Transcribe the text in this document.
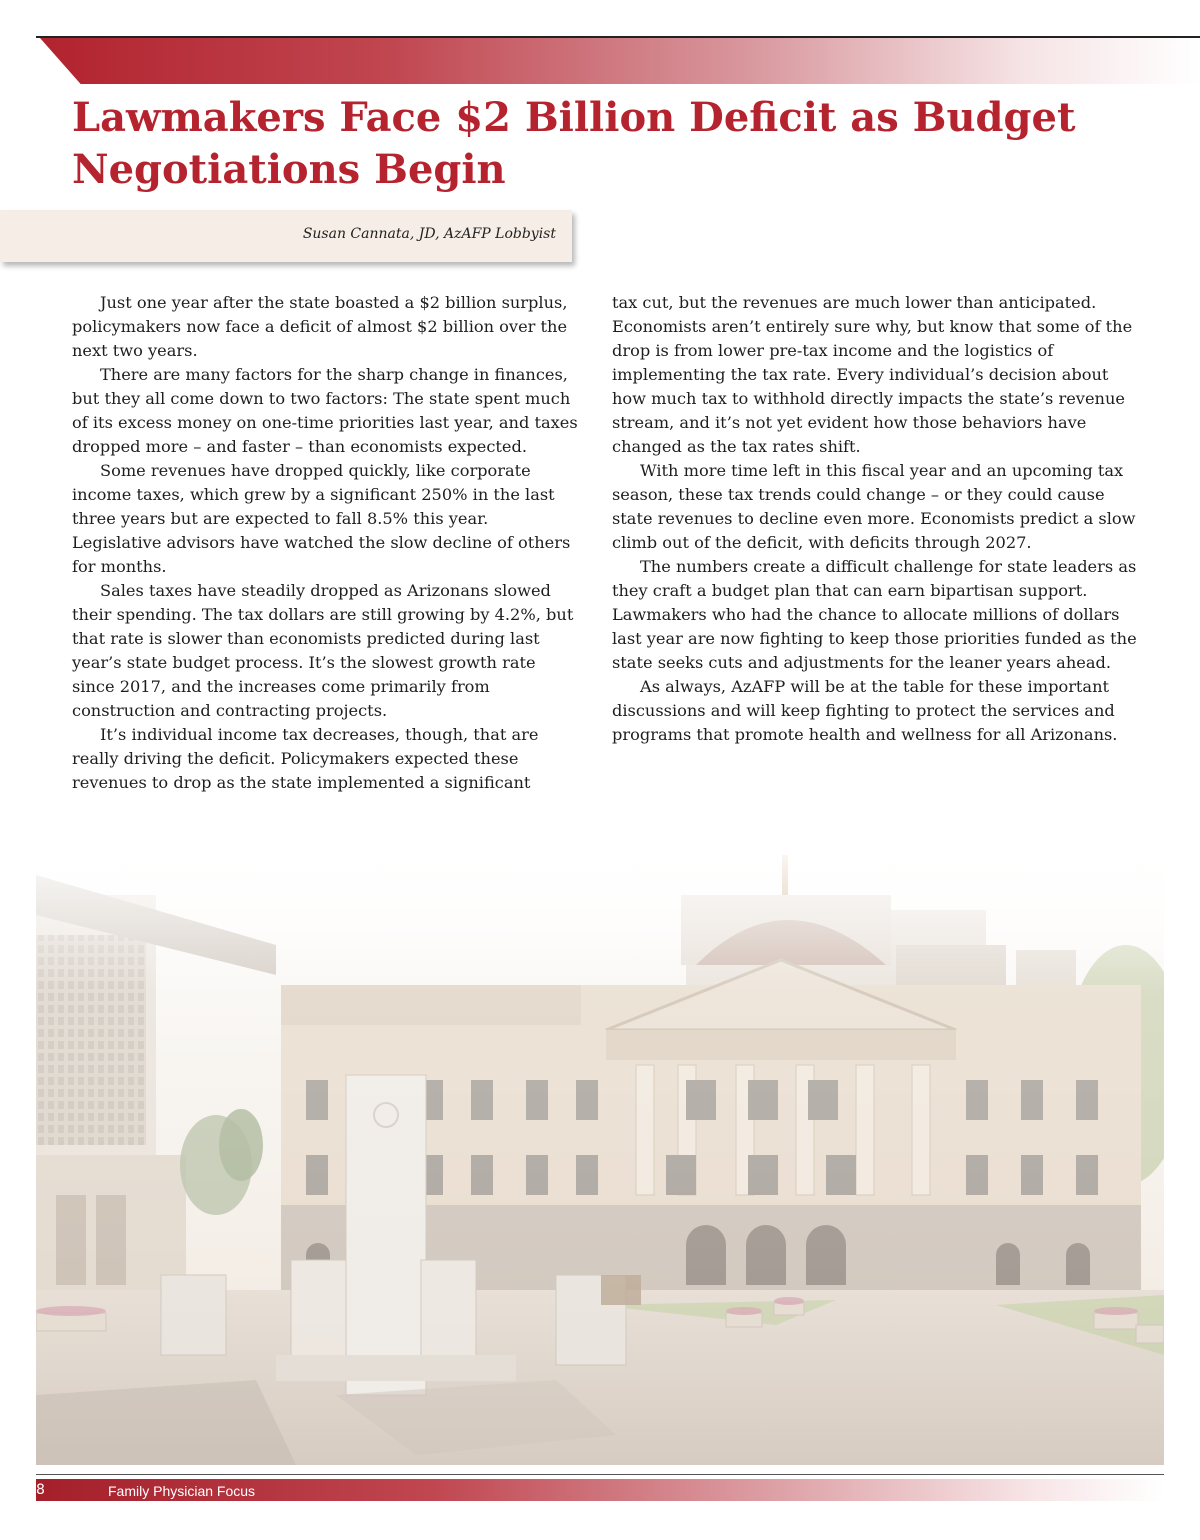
Lawmakers Face $2 Billion Deficit as Budget Negotiations Begin
Susan Cannata, JD, AzAFP Lobbyist

Just one year after the state boasted a $2 billion surplus, policymakers now face a deficit of almost $2 billion over the next two years.

There are many factors for the sharp change in finances, but they all come down to two factors: The state spent much of its excess money on one-time priorities last year, and taxes dropped more – and faster – than economists expected.

Some revenues have dropped quickly, like corporate income taxes, which grew by a significant 250% in the last three years but are expected to fall 8.5% this year. Legislative advisors have watched the slow decline of others for months.

Sales taxes have steadily dropped as Arizonans slowed their spending. The tax dollars are still growing by 4.2%, but that rate is slower than economists predicted during last year’s state budget process. It’s the slowest growth rate since 2017, and the increases come primarily from construction and contracting projects.

It’s individual income tax decreases, though, that are really driving the deficit. Policymakers expected these revenues to drop as the state implemented a significant

tax cut, but the revenues are much lower than anticipated. Economists aren’t entirely sure why, but know that some of the drop is from lower pre-tax income and the logistics of implementing the tax rate. Every individual’s decision about how much tax to withhold directly impacts the state’s revenue stream, and it’s not yet evident how those behaviors have changed as the tax rates shift.

With more time left in this fiscal year and an upcoming tax season, these tax trends could change – or they could cause state revenues to decline even more. Economists predict a slow climb out of the deficit, with deficits through 2027.

The numbers create a difficult challenge for state leaders as they craft a budget plan that can earn bipartisan support. Lawmakers who had the chance to allocate millions of dollars last year are now fighting to keep those priorities funded as the state seeks cuts and adjustments for the leaner years ahead.

As always, AzAFP will be at the table for these important discussions and will keep fighting to protect the services and programs that promote health and wellness for all Arizonans.

8	Family Physician Focus
